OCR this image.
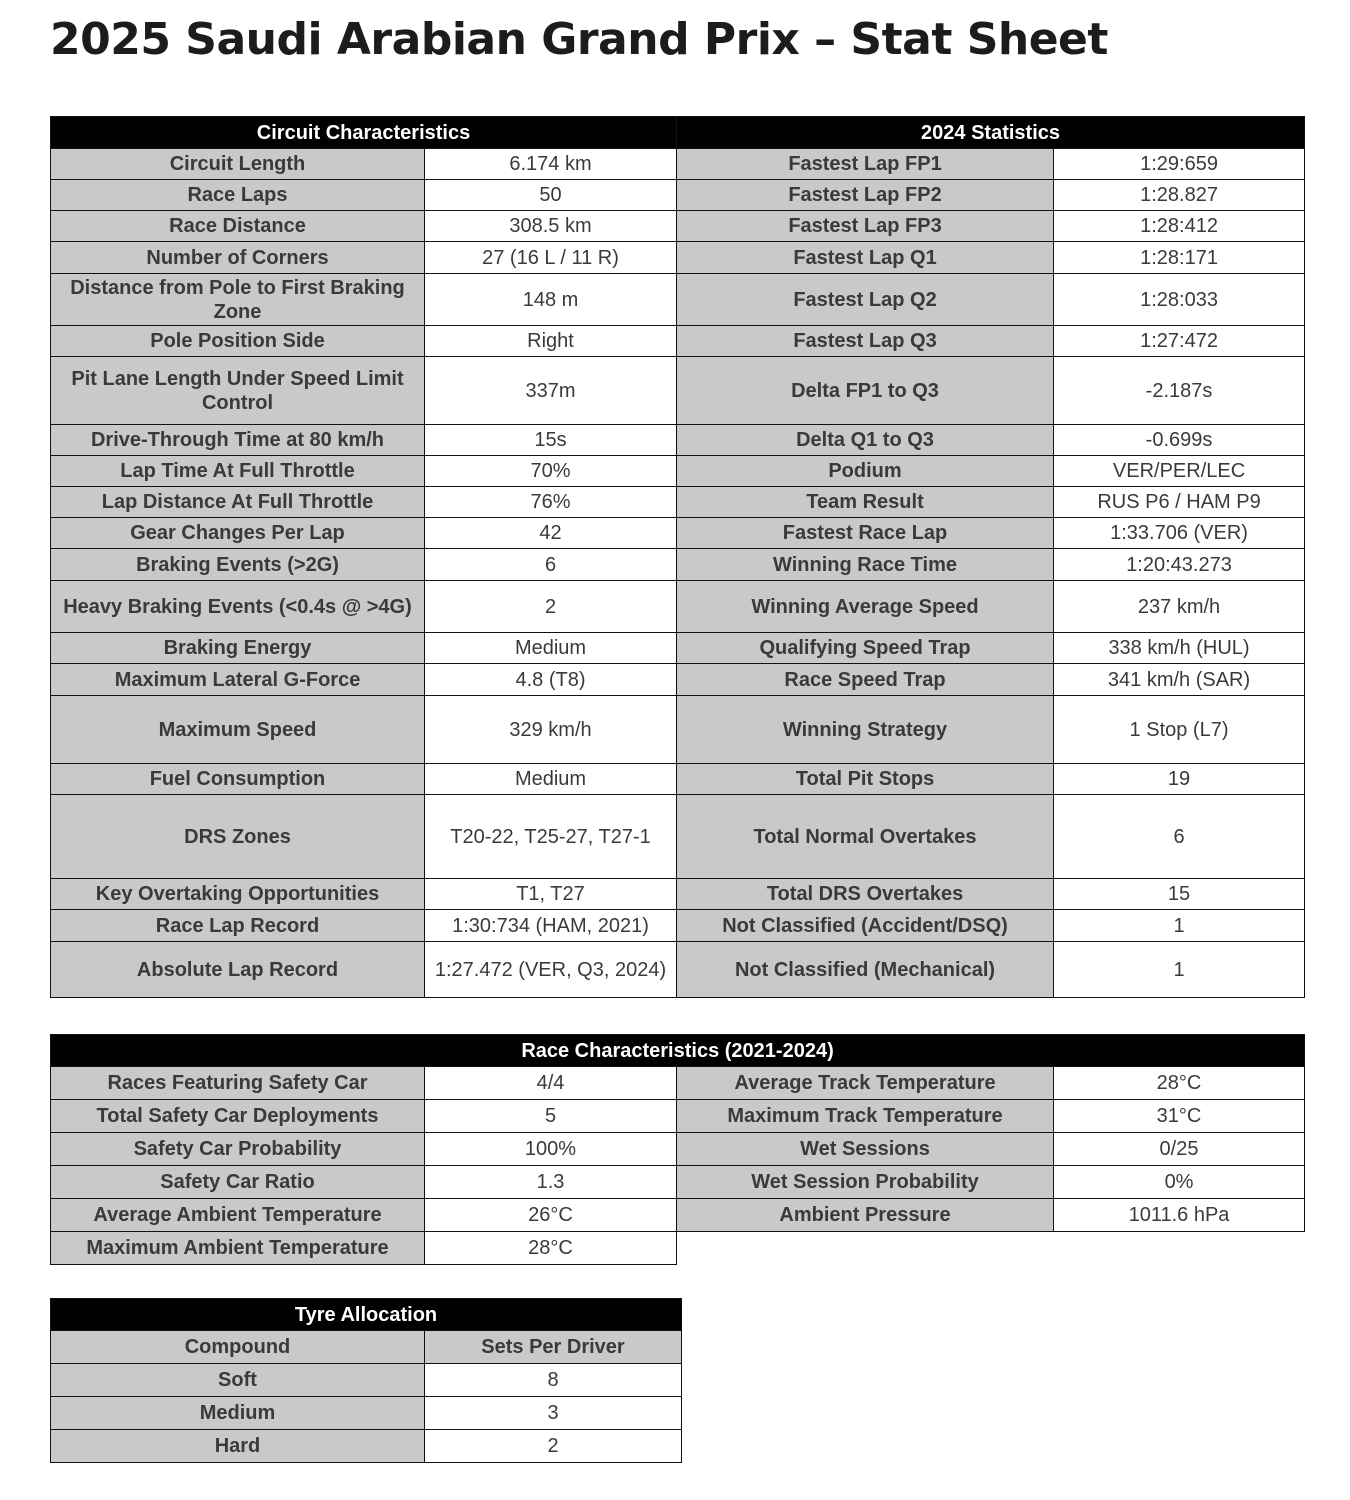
2025 Saudi Arabian Grand Prix – Stat Sheet
Circuit Characteristics		2024 Statistics	
Circuit Length	6.174 km	Fastest Lap FP1	1:29:659
Race Laps	50	Fastest Lap FP2	1:28.827
Race Distance	308.5 km	Fastest Lap FP3	1:28:412
Number of Corners	27 (16 L / 11 R)	Fastest Lap Q1	1:28:171
Distance from Pole to First Braking Zone	148 m	Fastest Lap Q2	1:28:033
Pole Position Side	Right	Fastest Lap Q3	1:27:472
Pit Lane Length Under Speed Limit Control	337m	Delta FP1 to Q3	-2.187s
Drive-Through Time at 80 km/h	15s	Delta Q1 to Q3	-0.699s
Lap Time At Full Throttle	70%	Podium	VER/PER/LEC
Lap Distance At Full Throttle	76%	Team Result	RUS P6 / HAM P9
Gear Changes Per Lap	42	Fastest Race Lap	1:33.706 (VER)
Braking Events (>2G)	6	Winning Race Time	1:20:43.273
Heavy Braking Events (<0.4s @ >4G)	2	Winning Average Speed	237 km/h
Braking Energy	Medium	Qualifying Speed Trap	338 km/h (HUL)
Maximum Lateral G-Force	4.8 (T8)	Race Speed Trap	341 km/h (SAR)
Maximum Speed	329 km/h	Winning Strategy	1 Stop (L7)
Fuel Consumption	Medium	Total Pit Stops	19
DRS Zones	T20-22, T25-27, T27-1	Total Normal Overtakes	6
Key Overtaking Opportunities	T1, T27	Total DRS Overtakes	15
Race Lap Record	1:30:734 (HAM, 2021)	Not Classified (Accident/DSQ)	1
Absolute Lap Record	1:27.472 (VER, Q3, 2024)	Not Classified (Mechanical)	1
Race Characteristics (2021-2024)			
Races Featuring Safety Car	4/4	Average Track Temperature	28°C
Total Safety Car Deployments	5	Maximum Track Temperature	31°C
Safety Car Probability	100%	Wet Sessions	0/25
Safety Car Ratio	1.3	Wet Session Probability	0%
Average Ambient Temperature	26°C	Ambient Pressure	1011.6 hPa
Maximum Ambient Temperature	28°C		
Tyre Allocation	
Compound	Sets Per Driver
Soft	8
Medium	3
Hard	2
